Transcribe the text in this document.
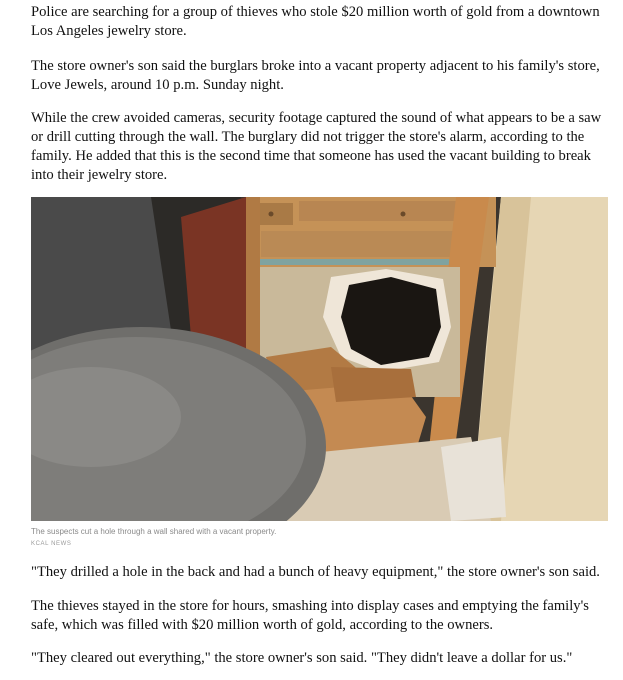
Police are searching for a group of thieves who stole $20 million worth of gold from a downtown Los Angeles jewelry store.

The store owner's son said the burglars broke into a vacant property adjacent to his family's store, Love Jewels, around 10 p.m. Sunday night.

While the crew avoided cameras, security footage captured the sound of what appears to be a saw or drill cutting through the wall. The burglary did not trigger the store's alarm, according to the family. He added that this is the second time that someone has used the vacant building to break into their jewelry store.

"They drilled a hole in the back and had a bunch of heavy equipment," the store owner's son said.

The thieves stayed in the store for hours, smashing into display cases and emptying the family's safe, which was filled with $20 million worth of gold, according to the owners.

"They cleared out everything," the store owner's son said. "They didn't leave a dollar for us."

The suspects cut a hole through a wall shared with a vacant property.

KCAL NEWS
